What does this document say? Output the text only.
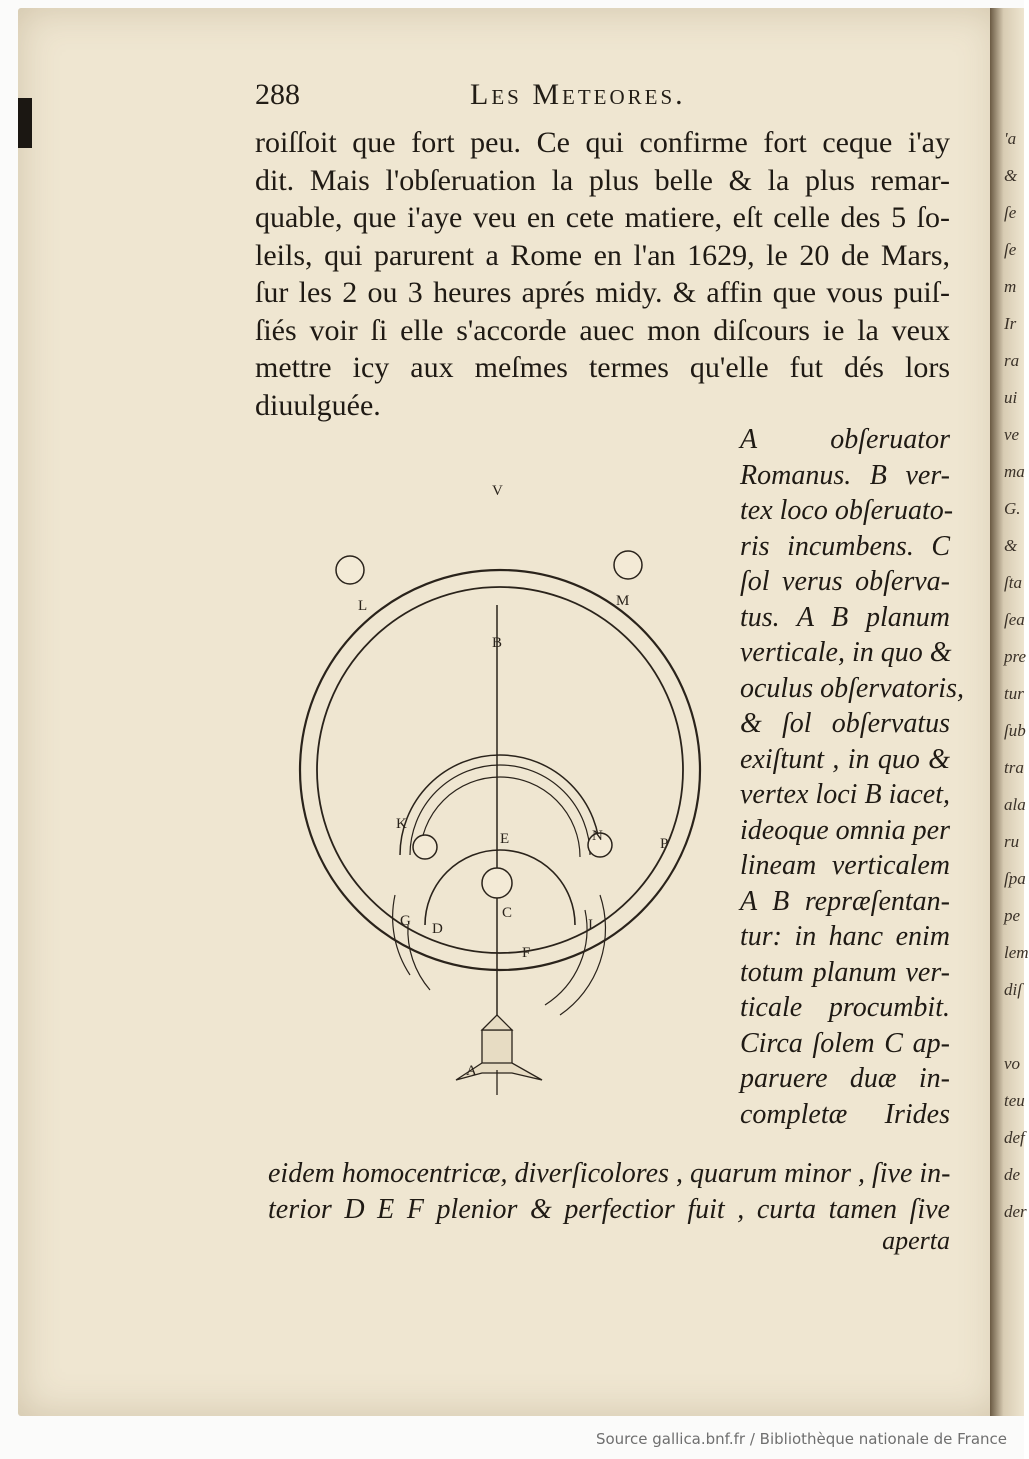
'a
&
ſe
ſe
m
Ir
ra
ui
ve
ma
G.
&
ſta
ſea
pre
tur
ſub
tra
ala
ru
ſpa
pe
lem
diſ

vo
teu
def
de
der
288	Les Meteores.
roiſſoit que fort peu. Ce qui confirme fort ceque i'ay
dit. Mais l'obſeruation la plus belle & la plus remar-
quable, que i'aye veu en cete matiere, eſt celle des 5 ſo-
leils, qui parurent a Rome en l'an 1629, le 20 de Mars,
ſur les 2 ou 3 heures aprés midy. & affin que vous puiſ-
ſiés voir ſi elle s'accorde auec mon diſcours ie la veux
mettre icy aux meſmes termes qu'elle fut dés lors
diuulguée.
V
L	M
B
K
E	N	P
G D
C
F
I
A
A obſeruator
Romanus. B ver-
tex loco obſeruato-
ris incumbens. C
ſol verus obſerva-
tus. A B planum
verticale, in quo &
oculus obſervatoris,
& ſol obſervatus
exiſtunt , in quo &
vertex loci B iacet,
ideoque omnia per
lineam verticalem
A B repræſentan-
tur: in hanc enim
totum planum ver-
ticale procumbit.
Circa ſolem C ap-
paruere duæ in-
completæ Irides
eidem homocentricæ, diverſicolores , quarum minor , ſive in-
terior D E F plenior & perfectior fuit , curta tamen ſive
aperta
Source gallica.bnf.fr / Bibliothèque nationale de France
